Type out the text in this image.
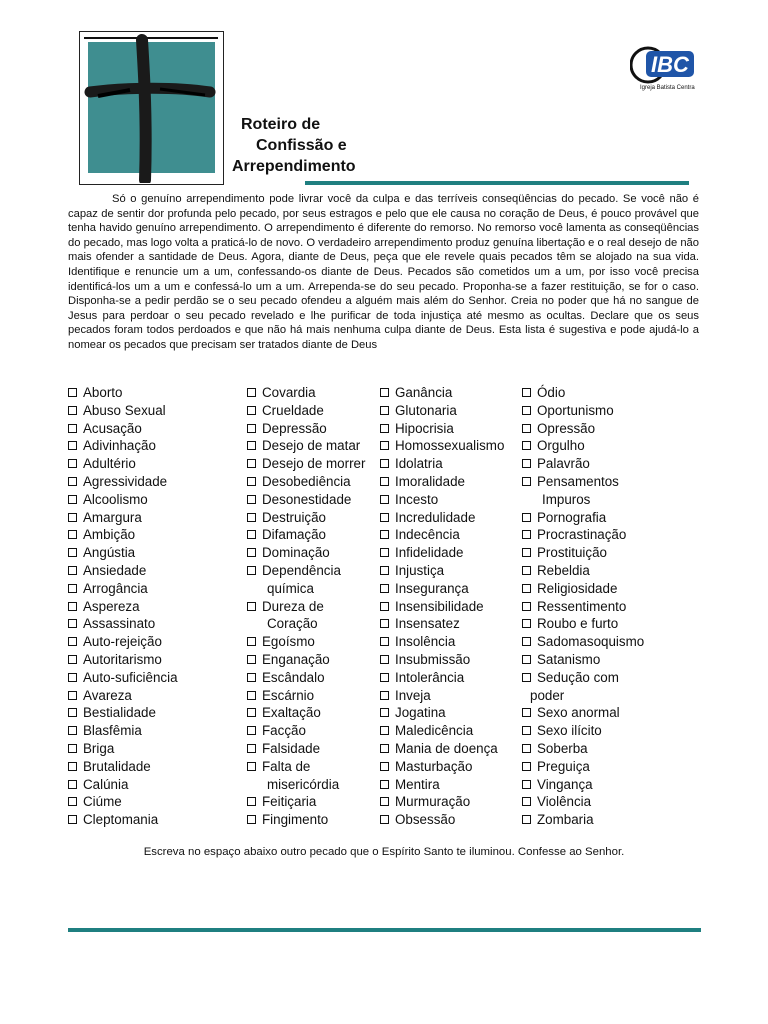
IBC
Igreja Batista Central
Roteiro de
Confissão e
Arrependimento
Só o genuíno arrependimento pode livrar você da culpa e das terríveis conseqüências do pecado. Se você não é capaz de sentir dor profunda pelo pecado, por seus estragos e pelo que ele causa no coração de Deus, é pouco provável que tenha havido genuíno arrependimento. O arrependimento é diferente do remorso. No remorso você lamenta as conseqüências do pecado, mas logo volta a praticá-lo de novo. O verdadeiro arrependimento produz genuína libertação e o real desejo de não mais ofender a santidade de Deus. Agora, diante de Deus, peça que ele revele quais pecados têm se alojado na sua vida. Identifique e renuncie um a um, confessando-os diante de Deus. Pecados são cometidos um a um, por isso você precisa identificá-los um a um e confessá-lo um a um. Arrependa-se do seu pecado. Proponha-se a fazer restituição, se for o caso. Disponha-se a pedir perdão se o seu pecado ofendeu a alguém mais além do Senhor. Creia no poder que há no sangue de Jesus para perdoar o seu pecado revelado e lhe purificar de toda injustiça até mesmo as ocultas. Declare que os seus pecados foram todos perdoados e que não há mais nenhuma culpa diante de Deus. Esta lista é sugestiva e pode ajudá-lo a nomear os pecados que precisam ser tratados diante de Deus
Aborto
Abuso Sexual
Acusação
Adivinhação
Adultério
Agressividade
Alcoolismo
Amargura
Ambição
Angústia
Ansiedade
Arrogância
Aspereza
Assassinato
Auto-rejeição
Autoritarismo
Auto-suficiência
Avareza
Bestialidade
Blasfêmia
Briga
Brutalidade
Calúnia
Ciúme
Cleptomania
Covardia
Crueldade
Depressão
Desejo de matar
Desejo de morrer
Desobediência
Desonestidade
Destruição
Difamação
Dominação
Dependência
química
Dureza de
Coração
Egoísmo
Enganação
Escândalo
Escárnio
Exaltação
Facção
Falsidade
Falta de
misericórdia
Feitiçaria
Fingimento
Ganância
Glutonaria
Hipocrisia
Homossexualismo
Idolatria
Imoralidade
Incesto
Incredulidade
Indecência
Infidelidade
Injustiça
Insegurança
Insensibilidade
Insensatez
Insolência
Insubmissão
Intolerância
Inveja
Jogatina
Maledicência
Mania de doença
Masturbação
Mentira
Murmuração
Obsessão
Ódio
Oportunismo
Opressão
Orgulho
Palavrão
Pensamentos
Impuros
Pornografia
Procrastinação
Prostituição
Rebeldia
Religiosidade
Ressentimento
Roubo e furto
Sadomasoquismo
Satanismo
Sedução com
poder
Sexo anormal
Sexo ilícito
Soberba
Preguiça
Vingança
Violência
Zombaria
Escreva no espaço abaixo outro pecado que o Espírito Santo te iluminou. Confesse ao Senhor.
